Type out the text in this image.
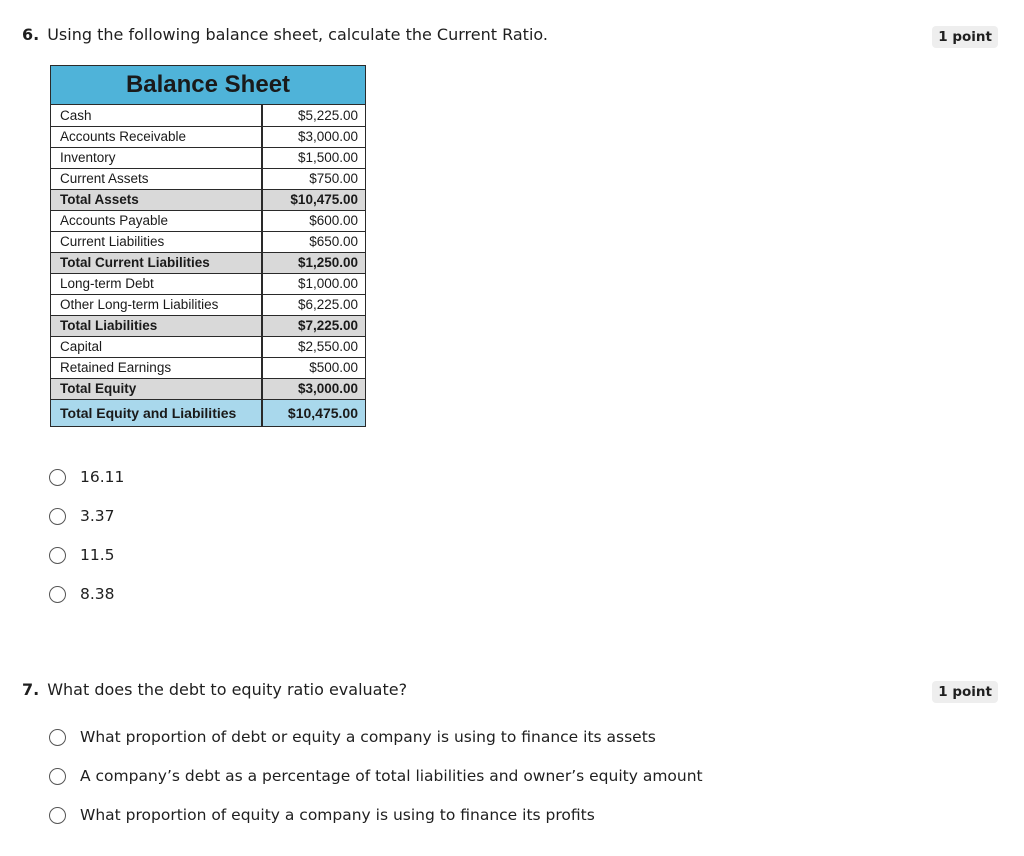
6. Using the following balance sheet, calculate the Current Ratio.	1 point
Balance Sheet
Cash	$5,225.00
Accounts Receivable	$3,000.00
Inventory	$1,500.00
Current Assets	$750.00
Total Assets	$10,475.00
Accounts Payable	$600.00
Current Liabilities	$650.00
Total Current Liabilities	$1,250.00
Long-term Debt	$1,000.00
Other Long-term Liabilities	$6,225.00
Total Liabilities	$7,225.00
Capital	$2,550.00
Retained Earnings	$500.00
Total Equity	$3,000.00
Total Equity and Liabilities	$10,475.00
16.11
3.37
11.5
8.38
7. What does the debt to equity ratio evaluate?	1 point
What proportion of debt or equity a company is using to finance its assets
A company’s debt as a percentage of total liabilities and owner’s equity amount
What proportion of equity a company is using to finance its profits
